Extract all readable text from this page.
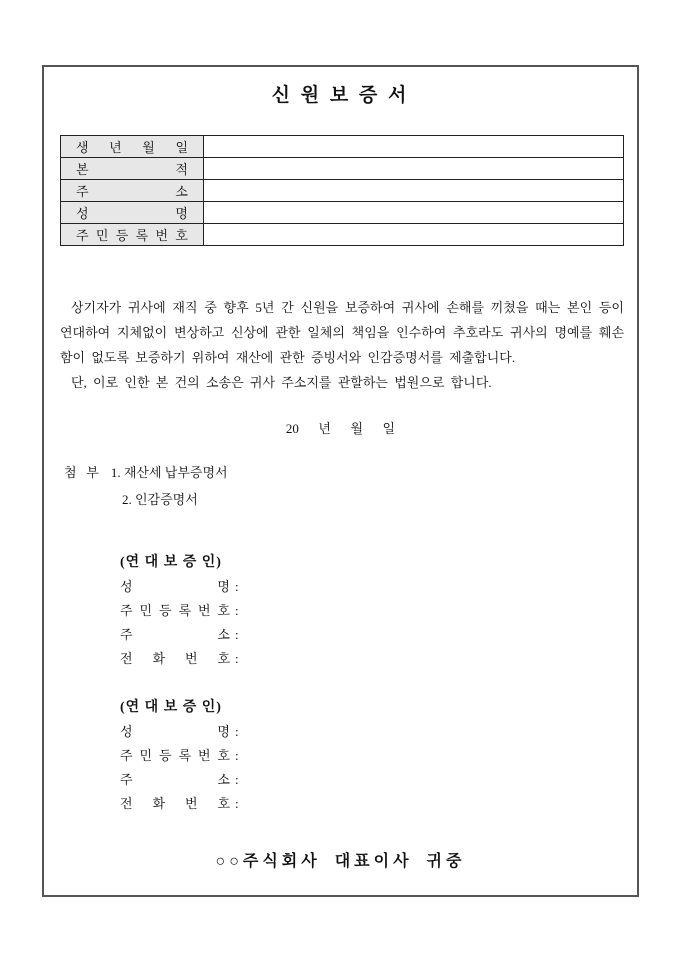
신 원 보 증 서
생 년 월 일	

본 적	

주 소	

성 명	

주 민 등 록 번 호	

상기자가 귀사에 재직 중 향후 5년 간 신원을 보증하여 귀사에 손해를 끼쳤을 때는 본인 등이
연대하여 지체없이 변상하고 신상에 관한 일체의 책임을 인수하여 추호라도 귀사의 명예를 훼손
함이 없도록 보증하기 위하여 재산에 관한 증빙서와 인감증명서를 제출합니다.
단, 이로 인한 본 건의 소송은 귀사 주소지를 관할하는 법원으로 합니다.
20      년      월      일
첨   부 1. 재산세 납부증명서
2. 인감증명서
(연 대 보 증 인)
성 명 :
주 민 등 록 번 호 :
주 소 :
전 화 번 호 :
(연 대 보 증 인)
성 명 :
주 민 등 록 번 호 :
주 소 :
전 화 번 호 :
○○주식회사 대표이사 귀중
